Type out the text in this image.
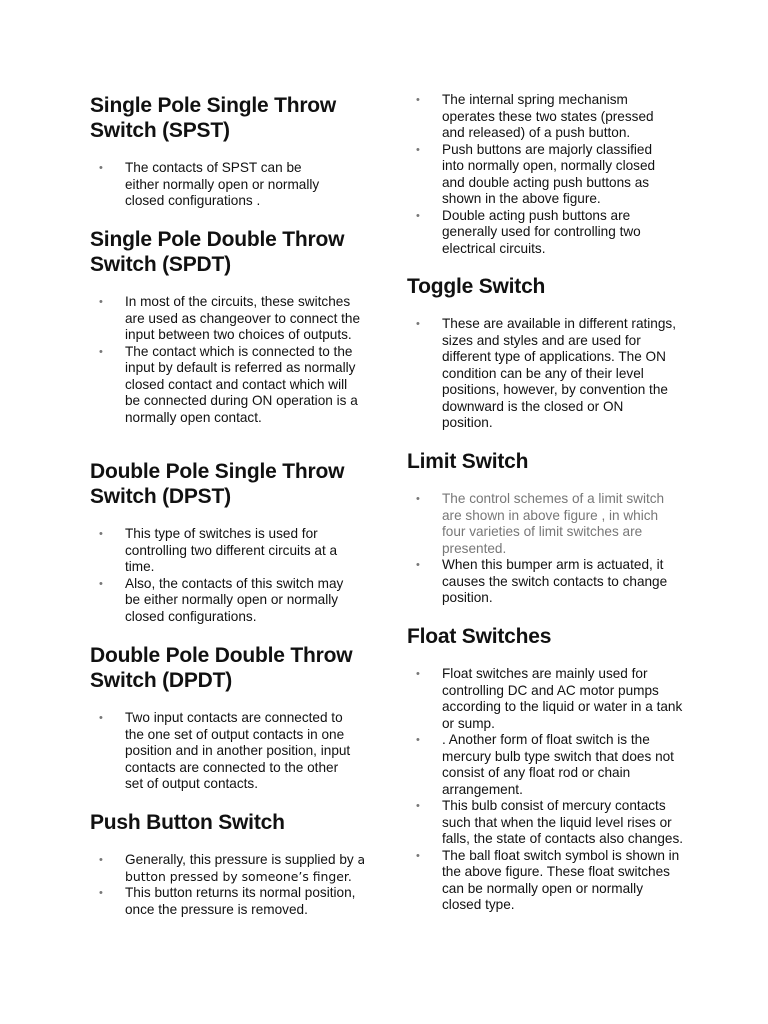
Single Pole Single Throw
Switch (SPST)
• The contacts of SPST can be either normally open or normally closed configurations .
Single Pole Double Throw
Switch (SPDT)
• In most of the circuits, these switches are used as changeover to connect the input between two choices of outputs.
• The contact which is connected to the input by default is referred as normally closed contact and contact which will be connected during ON operation is a normally open contact.
Double Pole Single Throw
Switch (DPST)
• This type of switches is used for controlling two different circuits at a time.
• Also, the contacts of this switch may be either normally open or normally closed configurations.
Double Pole Double Throw
Switch (DPDT)
• Two input contacts are connected to the one set of output contacts in one position and in another position, input contacts are connected to the other set of output contacts.
Push Button Switch
• Generally, this pressure is supplied by a button pressed by someone’s finger.
• This button returns its normal position, once the pressure is removed.
• The internal spring mechanism operates these two states (pressed and released) of a push button.
• Push buttons are majorly classified into normally open, normally closed and double acting push buttons as shown in the above figure.
• Double acting push buttons are generally used for controlling two electrical circuits.
Toggle Switch
• These are available in different ratings, sizes and styles and are used for different type of applications. The ON condition can be any of their level positions, however, by convention the downward is the closed or ON position.
Limit Switch
• The control schemes of a limit switch are shown in above figure , in which four varieties of limit switches are presented.
• When this bumper arm is actuated, it causes the switch contacts to change position.
Float Switches
• Float switches are mainly used for controlling DC and AC motor pumps according to the liquid or water in a tank or sump.
• . Another form of float switch is the mercury bulb type switch that does not consist of any float rod or chain arrangement.
• This bulb consist of mercury contacts such that when the liquid level rises or falls, the state of contacts also changes.
• The ball float switch symbol is shown in the above figure. These float switches can be normally open or normally closed type.
